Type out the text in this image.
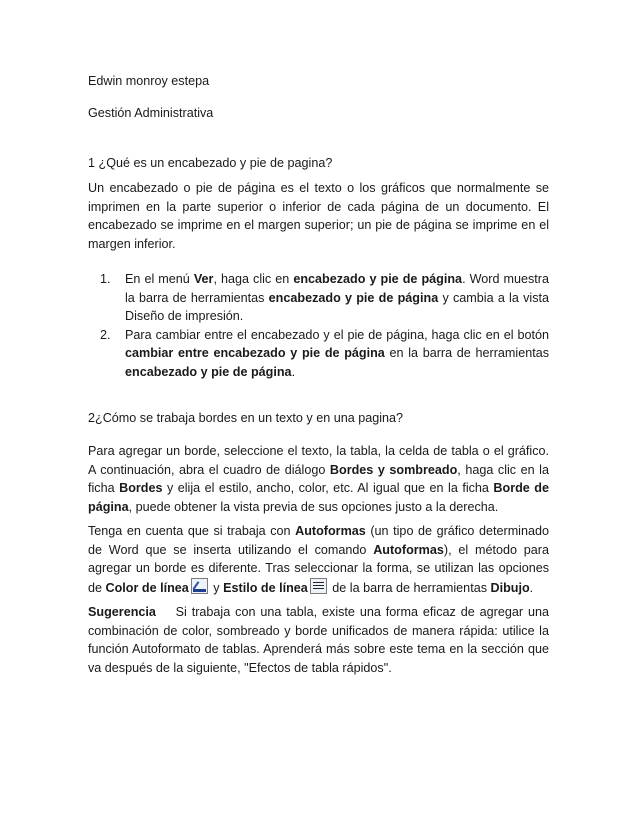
Edwin monroy estepa
Gestión Administrativa
1 ¿Qué es un encabezado y pie de pagina?
Un encabezado o pie de página es el texto o los gráficos que normalmente se imprimen en la parte superior o inferior de cada página de un documento. El encabezado se imprime en el margen superior; un pie de página se imprime en el margen inferior.
1. En el menú Ver, haga clic en encabezado y pie de página. Word muestra la barra de herramientas encabezado y pie de página y cambia a la vista Diseño de impresión.
2. Para cambiar entre el encabezado y el pie de página, haga clic en el botón cambiar entre encabezado y pie de página en la barra de herramientas encabezado y pie de página.
2¿Cómo se trabaja bordes en un texto y en una pagina?
Para agregar un borde, seleccione el texto, la tabla, la celda de tabla o el gráfico. A continuación, abra el cuadro de diálogo Bordes y sombreado, haga clic en la ficha Bordes y elija el estilo, ancho, color, etc. Al igual que en la ficha Borde de página, puede obtener la vista previa de sus opciones justo a la derecha.
Tenga en cuenta que si trabaja con Autoformas (un tipo de gráfico determinado de Word que se inserta utilizando el comando Autoformas), el método para agregar un borde es diferente. Tras seleccionar la forma, se utilizan las opciones de Color de línea y Estilo de línea de la barra de herramientas Dibujo.
Sugerencia    Si trabaja con una tabla, existe una forma eficaz de agregar una combinación de color, sombreado y borde unificados de manera rápida: utilice la función Autoformato de tablas. Aprenderá más sobre este tema en la sección que va después de la siguiente, "Efectos de tabla rápidos".
